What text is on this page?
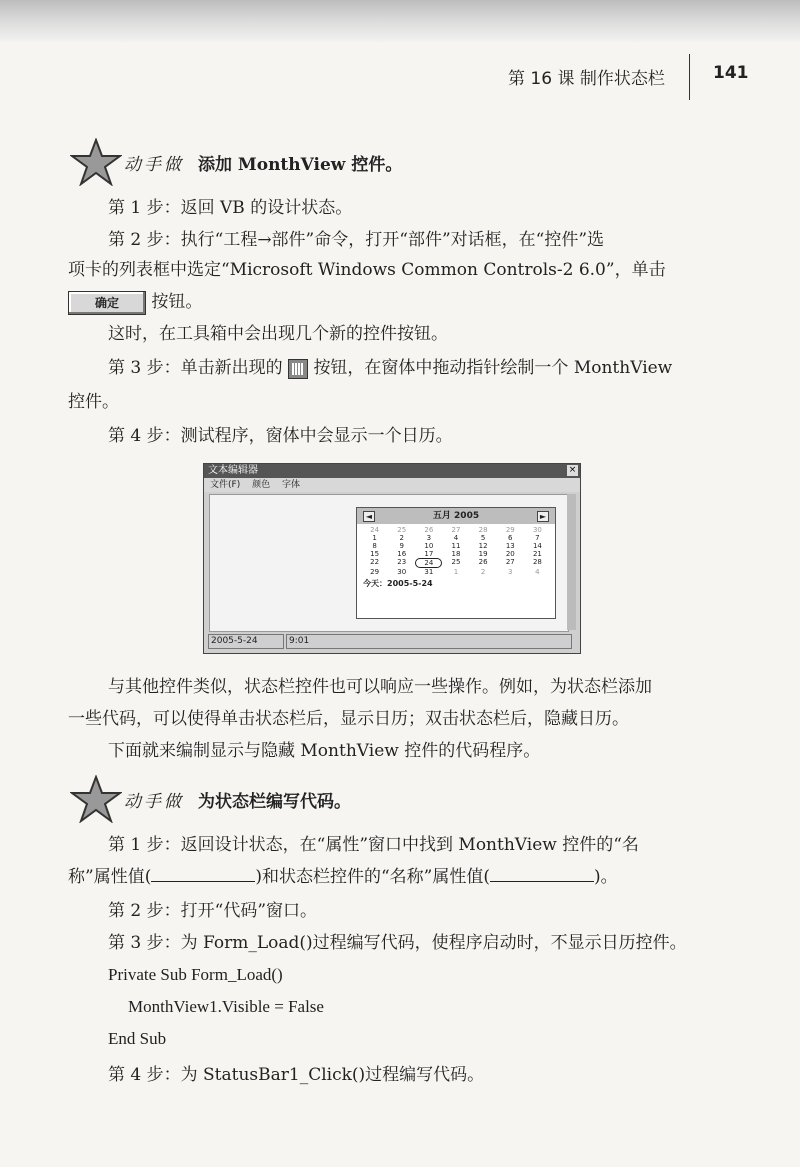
第 16 课 制作状态栏	141
动手做 添加 MonthView 控件。
第 1 步：返回 VB 的设计状态。
第 2 步：执行“工程→部件”命令，打开“部件”对话框，在“控件”选
项卡的列表框中选定“Microsoft Windows Common Controls-2 6.0”，单击
确定 按钮。
这时，在工具箱中会出现几个新的控件按钮。
第 3 步：单击新出现的 按钮，在窗体中拖动指针绘制一个 MonthView
控件。
第 4 步：测试程序，窗体中会显示一个日历。
文本编辑器	×
文件(F) 颜色 字体
◄	五月 2005	►
24	25	26	27	28	29	30
1	2	3	4	5	6	7
8	9	10	11	12	13	14
15	16	17	18	19	20	21
22	23	24	25	26	27	28
29	30	31	1	2	3	4
今天：2005-5-24
2005-5-24	9:01
与其他控件类似，状态栏控件也可以响应一些操作。例如，为状态栏添加
一些代码，可以使得单击状态栏后，显示日历；双击状态栏后，隐藏日历。
下面就来编制显示与隐藏 MonthView 控件的代码程序。
动手做 为状态栏编写代码。
第 1 步：返回设计状态，在“属性”窗口中找到 MonthView 控件的“名
称”属性值(	)和状态栏控件的“名称”属性值(	)。
第 2 步：打开“代码”窗口。
第 3 步：为 Form_Load()过程编写代码，使程序启动时，不显示日历控件。
Private Sub Form_Load()
MonthView1.Visible = False
End Sub
第 4 步：为 StatusBar1_Click()过程编写代码。
